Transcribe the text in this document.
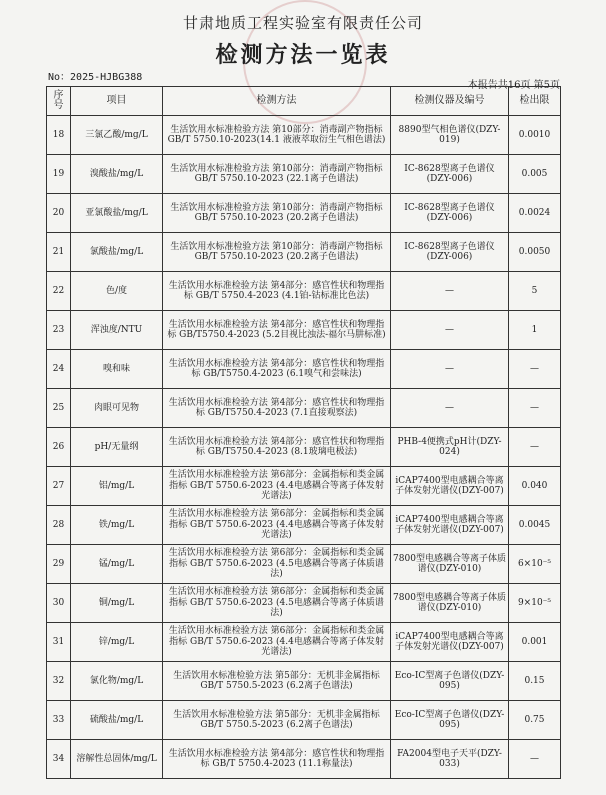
甘肃地质工程实验室有限责任公司
检测方法一览表
No：2025-HJBG388
本报告共16页 第5页
序号	项目	检测方法	检测仪器及编号	检出限
18	三氯乙酸/mg/L	生活饮用水标准检验方法 第10部分：消毒副产物指标 GB/T 5750.10-2023(14.1 液液萃取衍生气相色谱法)	8890型气相色谱仪(DZY-019)	0.0010
19	溴酸盐/mg/L	生活饮用水标准检验方法 第10部分：消毒副产物指标 GB/T 5750.10-2023 (22.1离子色谱法)	IC-8628型离子色谱仪(DZY-006)	0.005
20	亚氯酸盐/mg/L	生活饮用水标准检验方法 第10部分：消毒副产物指标 GB/T 5750.10-2023 (20.2离子色谱法)	IC-8628型离子色谱仪(DZY-006)	0.0024
21	氯酸盐/mg/L	生活饮用水标准检验方法 第10部分：消毒副产物指标 GB/T 5750.10-2023 (20.2离子色谱法)	IC-8628型离子色谱仪(DZY-006)	0.0050
22	色/度	生活饮用水标准检验方法 第4部分：感官性状和物理指标 GB/T 5750.4-2023 (4.1铂-钴标准比色法)	—	5
23	浑浊度/NTU	生活饮用水标准检验方法 第4部分：感官性状和物理指标 GB/T5750.4-2023 (5.2目视比浊法-福尔马肼标准)	—	1
24	嗅和味	生活饮用水标准检验方法 第4部分：感官性状和物理指标 GB/T5750.4-2023 (6.1嗅气和尝味法)	—	—
25	肉眼可见物	生活饮用水标准检验方法 第4部分：感官性状和物理指标 GB/T5750.4-2023 (7.1直接观察法)	—	—
26	pH/无量纲	生活饮用水标准检验方法 第4部分：感官性状和物理指标 GB/T5750.4-2023 (8.1玻璃电极法)	PHB-4便携式pH计(DZY-024)	—
27	铝/mg/L	生活饮用水标准检验方法 第6部分：金属指标和类金属指标 GB/T 5750.6-2023 (4.4电感耦合等离子体发射光谱法)	iCAP7400型电感耦合等离子体发射光谱仪(DZY-007)	0.040
28	铁/mg/L	生活饮用水标准检验方法 第6部分：金属指标和类金属指标 GB/T 5750.6-2023 (4.4电感耦合等离子体发射光谱法)	iCAP7400型电感耦合等离子体发射光谱仪(DZY-007)	0.0045
29	锰/mg/L	生活饮用水标准检验方法 第6部分：金属指标和类金属指标 GB/T 5750.6-2023 (4.5电感耦合等离子体质谱法)	7800型电感耦合等离子体质谱仪(DZY-010)	6×10⁻⁵
30	铜/mg/L	生活饮用水标准检验方法 第6部分：金属指标和类金属指标 GB/T 5750.6-2023 (4.5电感耦合等离子体质谱法)	7800型电感耦合等离子体质谱仪(DZY-010)	9×10⁻⁵
31	锌/mg/L	生活饮用水标准检验方法 第6部分：金属指标和类金属指标 GB/T 5750.6-2023 (4.4电感耦合等离子体发射光谱法)	iCAP7400型电感耦合等离子体发射光谱仪(DZY-007)	0.001
32	氯化物/mg/L	生活饮用水标准检验方法 第5部分：无机非金属指标 GB/T 5750.5-2023 (6.2离子色谱法)	Eco-IC型离子色谱仪(DZY-095)	0.15
33	硫酸盐/mg/L	生活饮用水标准检验方法 第5部分：无机非金属指标 GB/T 5750.5-2023 (6.2离子色谱法)	Eco-IC型离子色谱仪(DZY-095)	0.75
34	溶解性总固体/mg/L	生活饮用水标准检验方法 第4部分：感官性状和物理指标 GB/T 5750.4-2023 (11.1称量法)	FA2004型电子天平(DZY-033)	—
